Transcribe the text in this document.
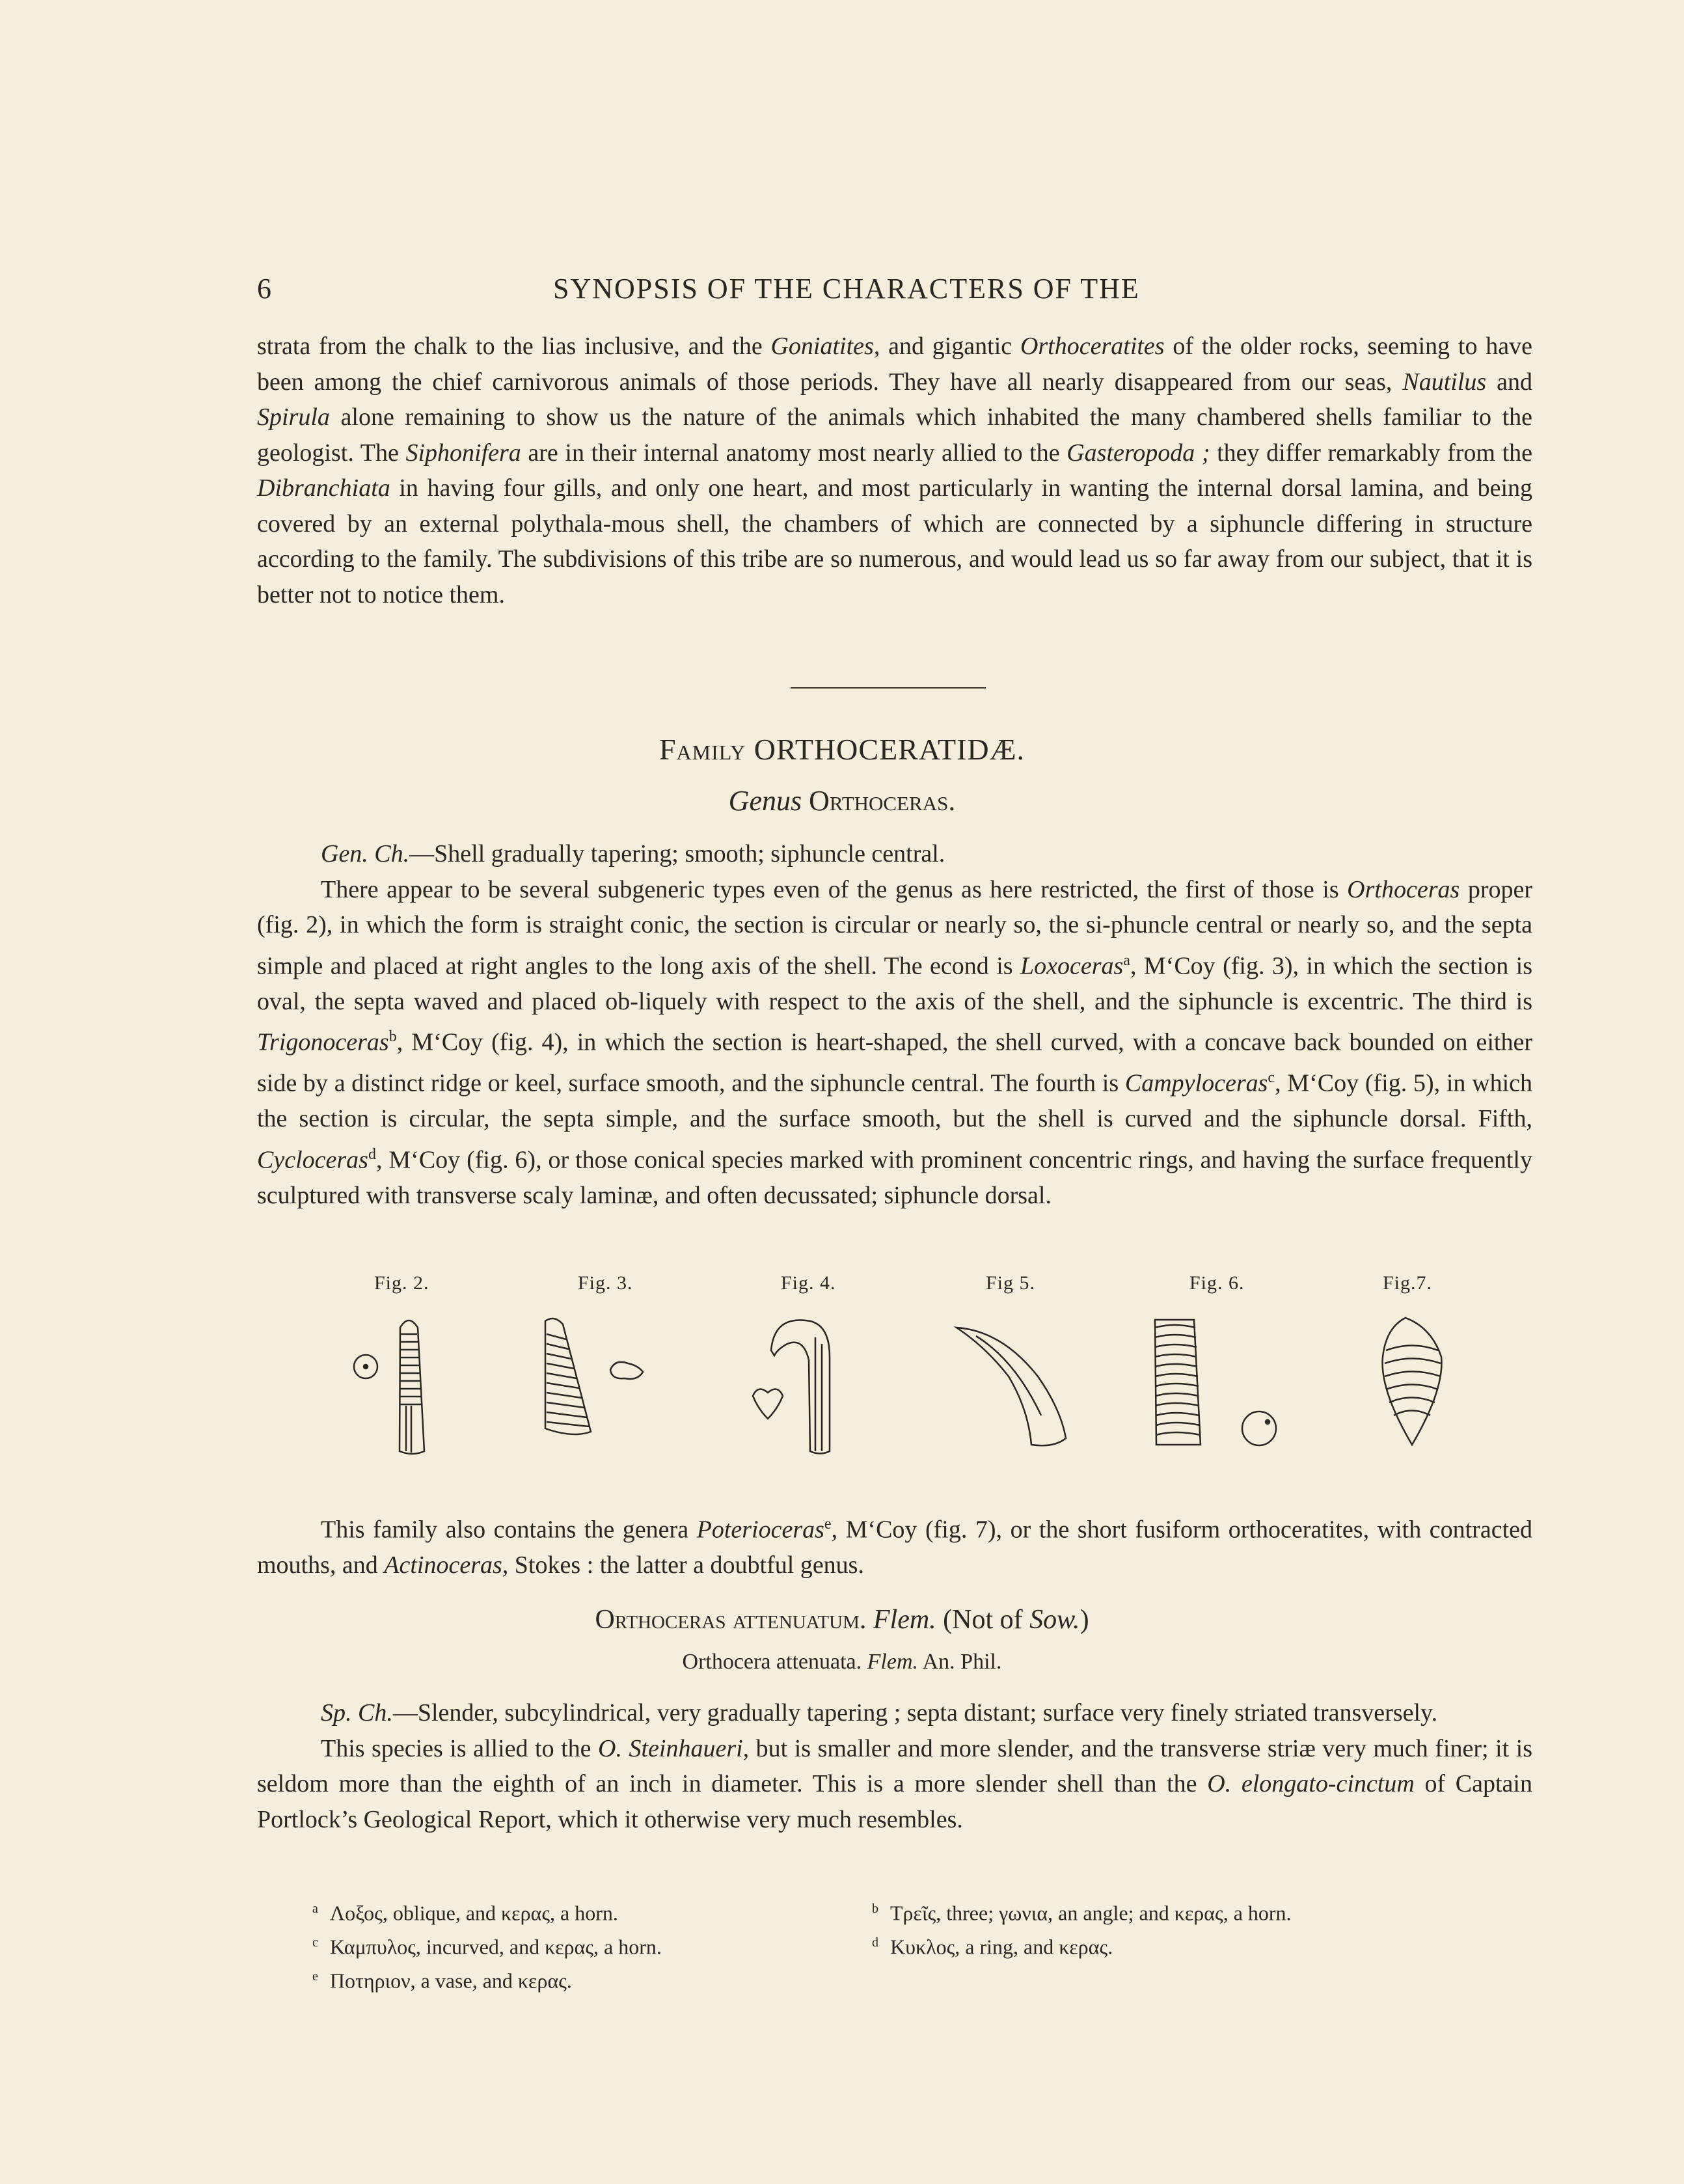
6	SYNOPSIS OF THE CHARACTERS OF THE

strata from the chalk to the lias inclusive, and the Goniatites, and gigantic Orthoceratites of the older rocks, seeming to have been among the chief carnivorous animals of those periods. They have all nearly disappeared from our seas, Nautilus and Spirula alone remaining to show us the nature of the animals which inhabited the many chambered shells familiar to the geologist. The Siphonifera are in their internal anatomy most nearly allied to the Gasteropoda ; they differ remarkably from the Dibranchiata in having four gills, and only one heart, and most particularly in wanting the internal dorsal lamina, and being covered by an external polythala-mous shell, the chambers of which are connected by a siphuncle differing in structure according to the family. The subdivisions of this tribe are so numerous, and would lead us so far away from our subject, that it is better not to notice them.

Family ORTHOCERATIDÆ.
Genus Orthoceras.

Gen. Ch.—Shell gradually tapering; smooth; siphuncle central.

There appear to be several subgeneric types even of the genus as here restricted, the first of those is Orthoceras proper (fig. 2), in which the form is straight conic, the section is circular or nearly so, the si-phuncle central or nearly so, and the septa simple and placed at right angles to the long axis of the shell. The econd is Loxoceras$^a$, M‘Coy (fig. 3), in which the section is oval, the septa waved and placed ob-liquely with respect to the axis of the shell, and the siphuncle is excentric. The third is Trigonoceras$^b$, M‘Coy (fig. 4), in which the section is heart-shaped, the shell curved, with a concave back bounded on either side by a distinct ridge or keel, surface smooth, and the siphuncle central. The fourth is Campyloceras$^c$, M‘Coy (fig. 5), in which the section is circular, the septa simple, and the surface smooth, but the shell is curved and the siphuncle dorsal. Fifth, Cycloceras$^d$, M‘Coy (fig. 6), or those conical species marked with prominent concentric rings, and having the surface frequently sculptured with transverse scaly laminæ, and often decussated; siphuncle dorsal.

Fig. 2.	Fig. 3.	Fig. 4.	Fig 5.	Fig. 6.	Fig.7.

This family also contains the genera Poterioceras$^e$, M‘Coy (fig. 7), or the short fusiform orthoceratites, with contracted mouths, and Actinoceras, Stokes : the latter a doubtful genus.

Orthoceras attenuatum. Flem. (Not of Sow.)
Orthocera attenuata. Flem. An. Phil.

Sp. Ch.—Slender, subcylindrical, very gradually tapering ; septa distant; surface very finely striated transversely.

This species is allied to the O. Steinhaueri, but is smaller and more slender, and the transverse striæ very much finer; it is seldom more than the eighth of an inch in diameter. This is a more slender shell than the O. elongato-cinctum of Captain Portlock’s Geological Report, which it otherwise very much resembles.

$^a$ Λοξος, oblique, and κερας, a horn.	$^b$ Τρεῖς, three; γωνια, an angle; and κερας, a horn.
$^c$ Καμπυλος, incurved, and κερας, a horn.	$^d$ Κυκλος, a ring, and κερας.
$^e$ Ποτηριον, a vase, and κερας.
